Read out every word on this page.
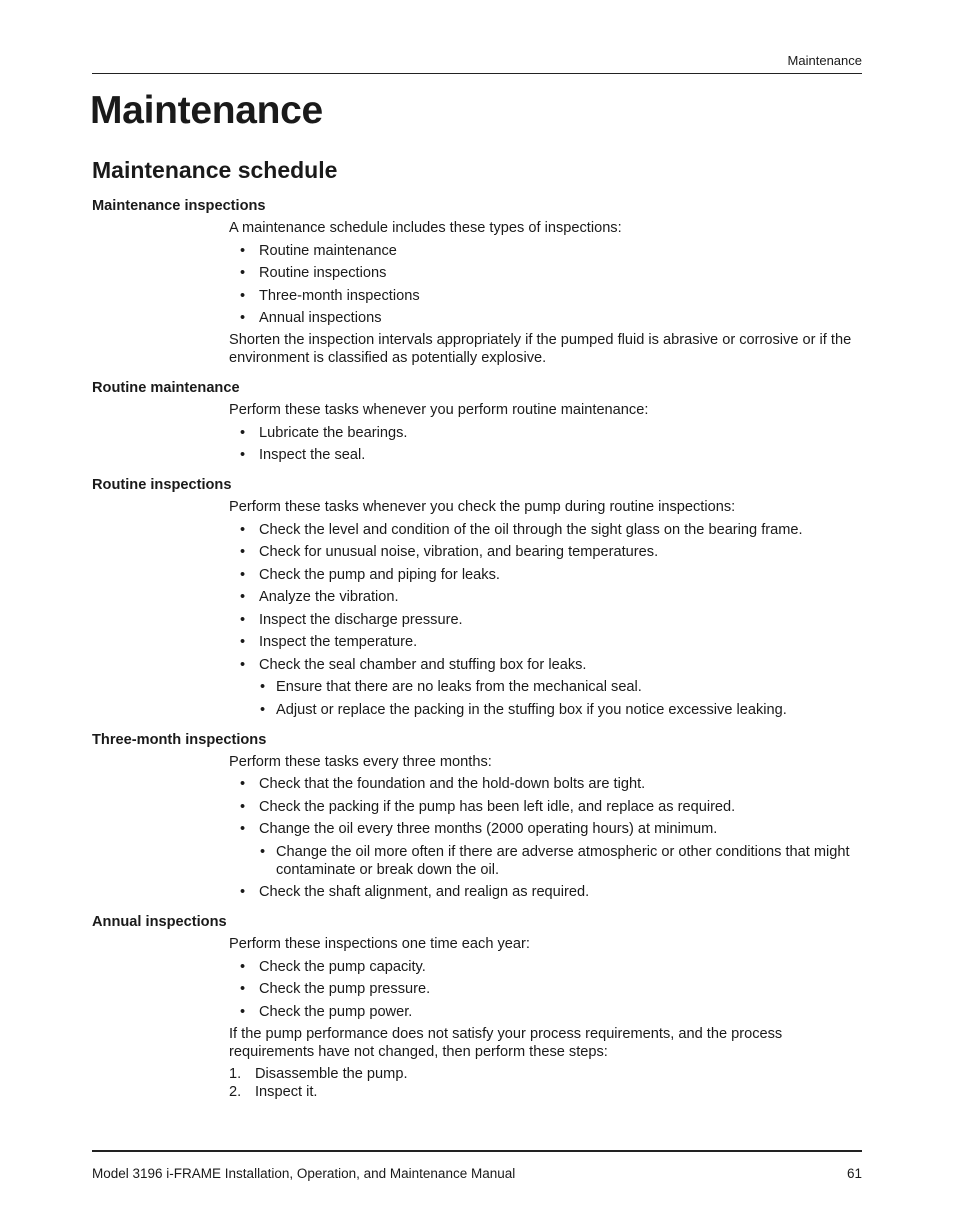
Maintenance
Maintenance
Maintenance schedule
Maintenance inspections

A maintenance schedule includes these types of inspections:

• Routine maintenance
• Routine inspections
• Three-month inspections
• Annual inspections

Shorten the inspection intervals appropriately if the pumped fluid is abrasive or corrosive or if the environment is classified as potentially explosive.

Routine maintenance

Perform these tasks whenever you perform routine maintenance:

• Lubricate the bearings.
• Inspect the seal.
Routine inspections

Perform these tasks whenever you check the pump during routine inspections:

• Check the level and condition of the oil through the sight glass on the bearing frame.
• Check for unusual noise, vibration, and bearing temperatures.
• Check the pump and piping for leaks.
• Analyze the vibration.
• Inspect the discharge pressure.
• Inspect the temperature.
• Check the seal chamber and stuffing box for leaks.
• Ensure that there are no leaks from the mechanical seal.
• Adjust or replace the packing in the stuffing box if you notice excessive leaking.
Three-month inspections

Perform these tasks every three months:

• Check that the foundation and the hold-down bolts are tight.
• Check the packing if the pump has been left idle, and replace as required.
• Change the oil every three months (2000 operating hours) at minimum.
• Change the oil more often if there are adverse atmospheric or other conditions that might contaminate or break down the oil.
• Check the shaft alignment, and realign as required.
Annual inspections

Perform these inspections one time each year:

• Check the pump capacity.
• Check the pump pressure.
• Check the pump power.

If the pump performance does not satisfy your process requirements, and the process requirements have not changed, then perform these steps:

1. Disassemble the pump.
2. Inspect it.
Model 3196 i-FRAME Installation, Operation, and Maintenance Manual	61
